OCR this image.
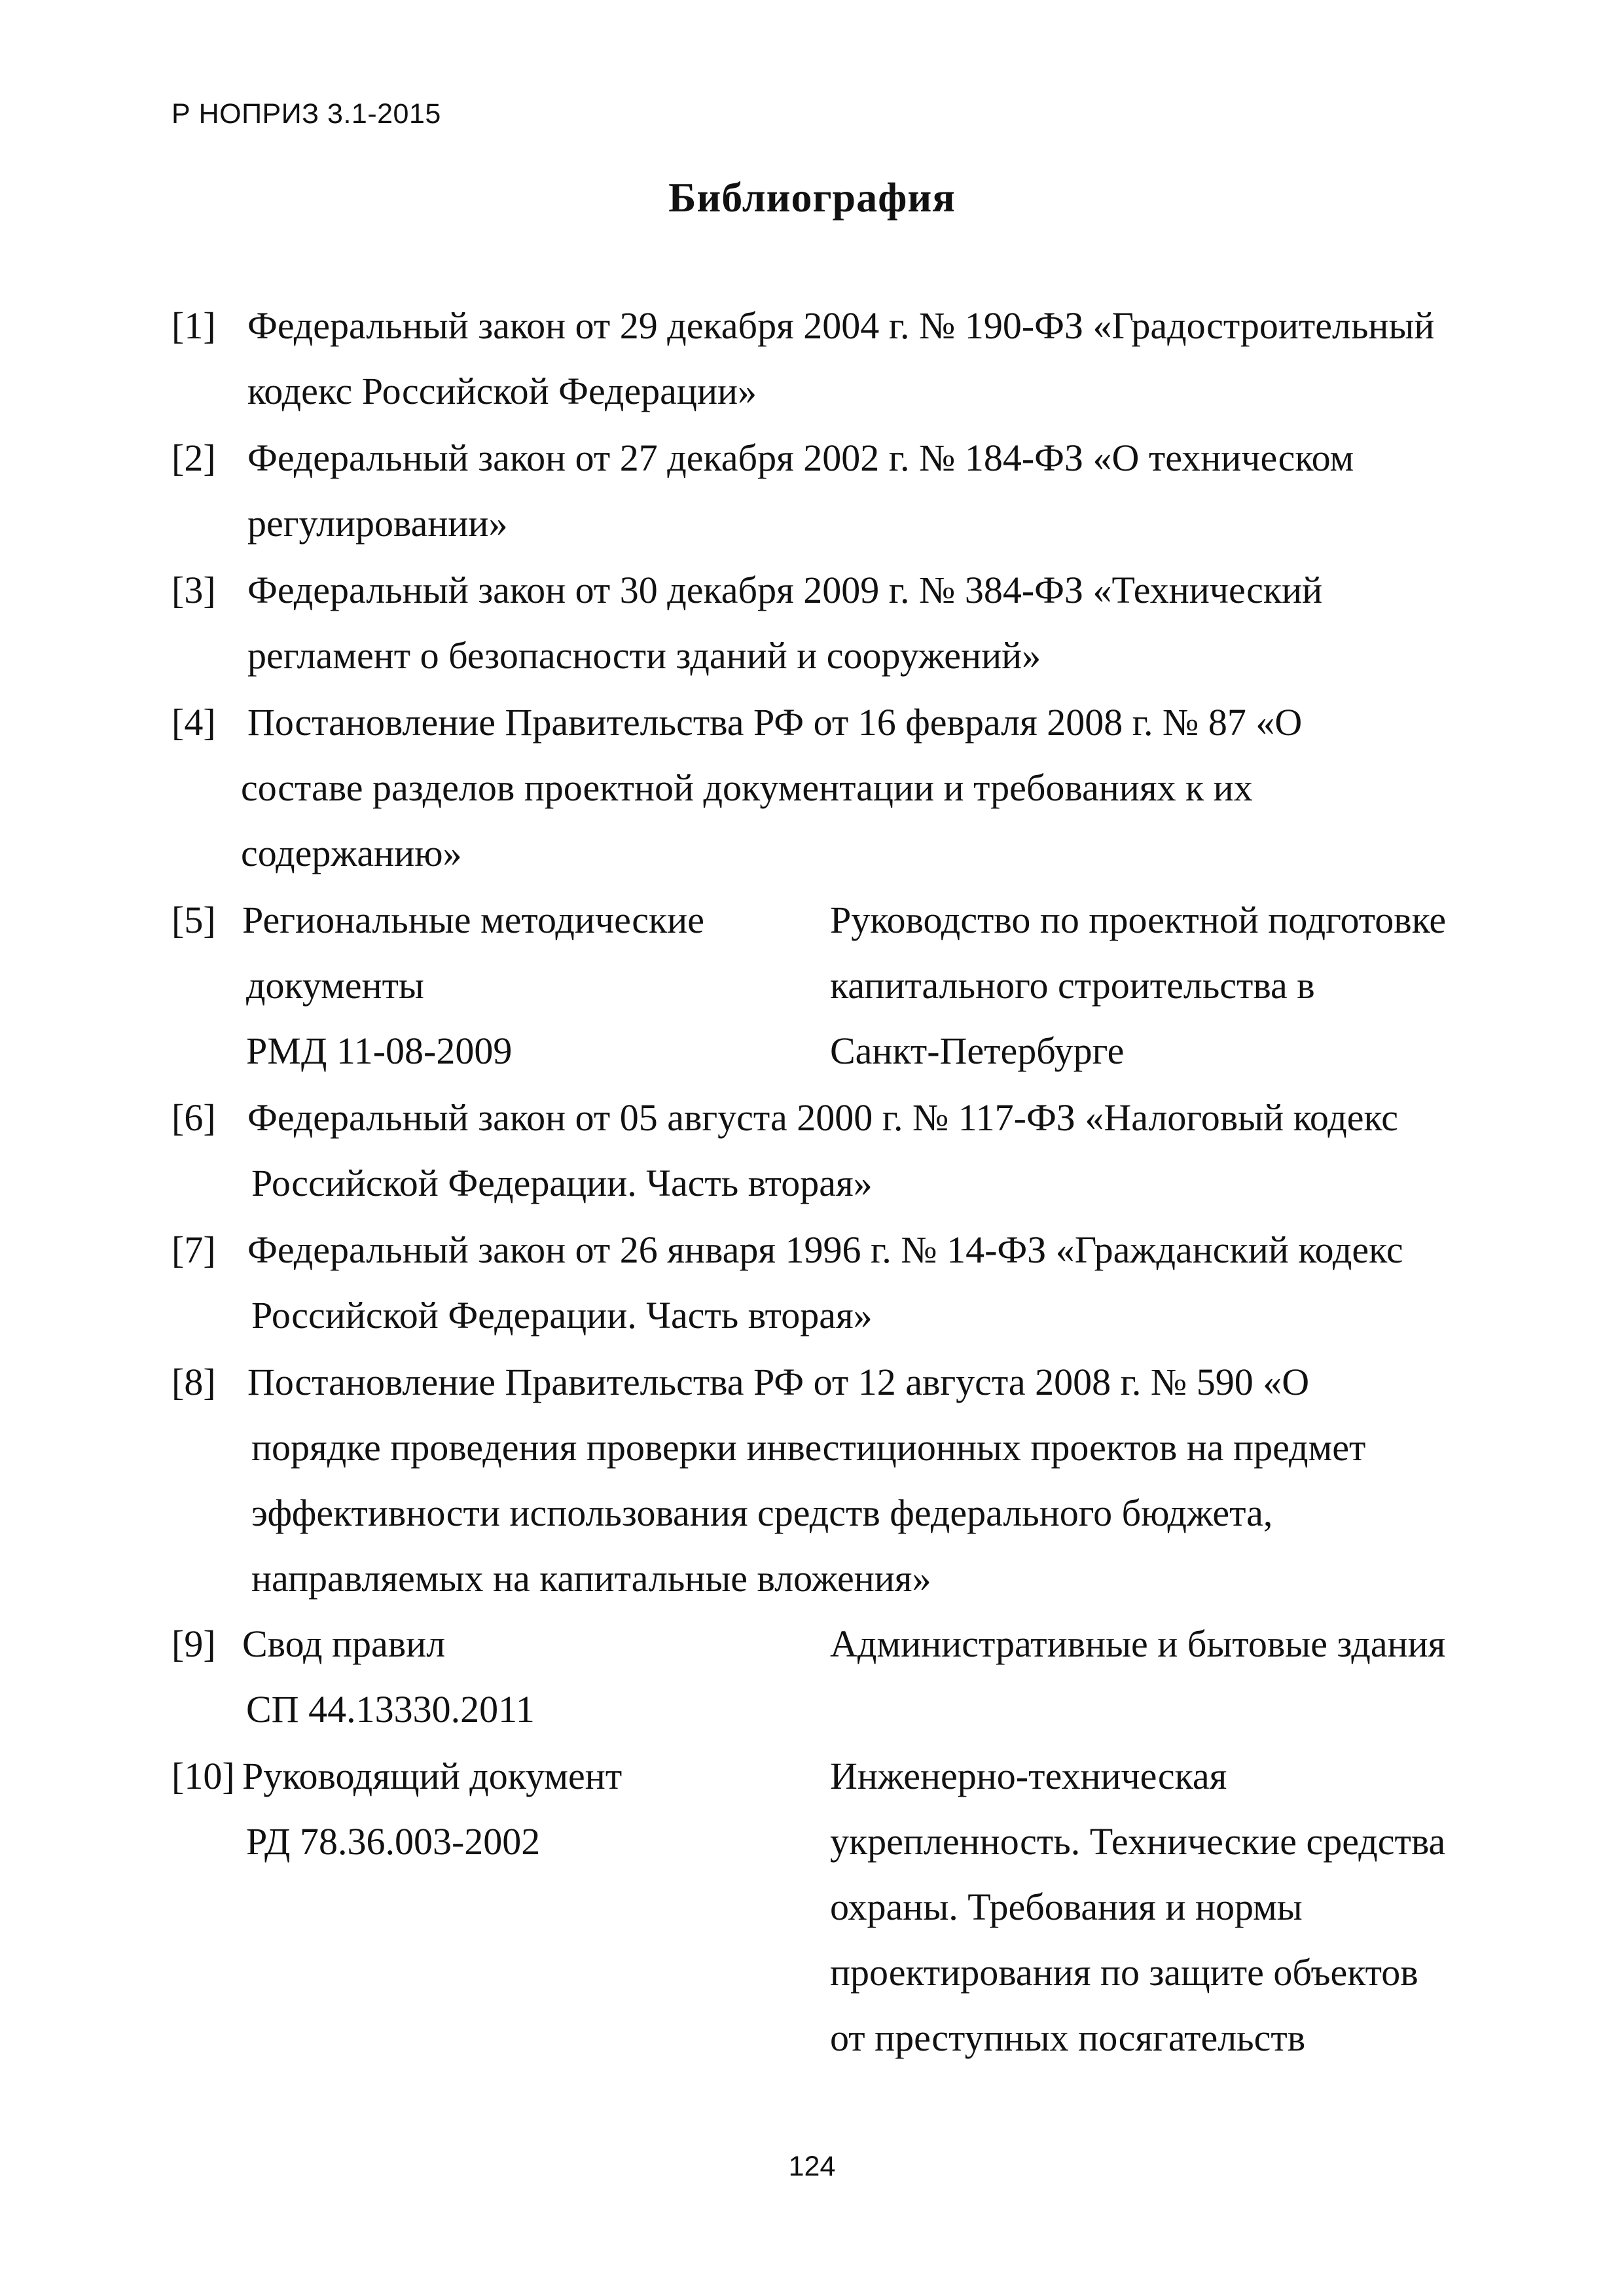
Р НОПРИЗ 3.1-2015
Библиография
[1] Федеральный закон от 29 декабря 2004 г. № 190-ФЗ «Градостроительный
кодекс Российской Федерации»
[2] Федеральный закон от 27 декабря 2002 г. № 184-ФЗ «О техническом
регулировании»
[3] Федеральный закон от 30 декабря 2009 г. № 384-ФЗ «Технический
регламент о безопасности зданий и сооружений»
[4] Постановление Правительства РФ от 16 февраля 2008 г. № 87 «О
составе разделов проектной документации и требованиях к их
содержанию»
[5] Региональные методические
документы
РМД 11-08-2009
Руководство по проектной подготовке
капитального строительства в
Санкт-Петербурге
[6] Федеральный закон от 05 августа 2000 г. № 117-ФЗ «Налоговый кодекс
Российской Федерации. Часть вторая»
[7] Федеральный закон от 26 января 1996 г. № 14-ФЗ «Гражданский кодекс
Российской Федерации. Часть вторая»
[8] Постановление Правительства РФ от 12 августа 2008 г. № 590 «О
порядке проведения проверки инвестиционных проектов на предмет
эффективности использования средств федерального бюджета,
направляемых на капитальные вложения»
[9] Свод правил
СП 44.13330.2011
Административные и бытовые здания
[10] Руководящий документ
РД 78.36.003-2002
Инженерно-техническая
укрепленность. Технические средства
охраны. Требования и нормы
проектирования по защите объектов
от преступных посягательств
124
